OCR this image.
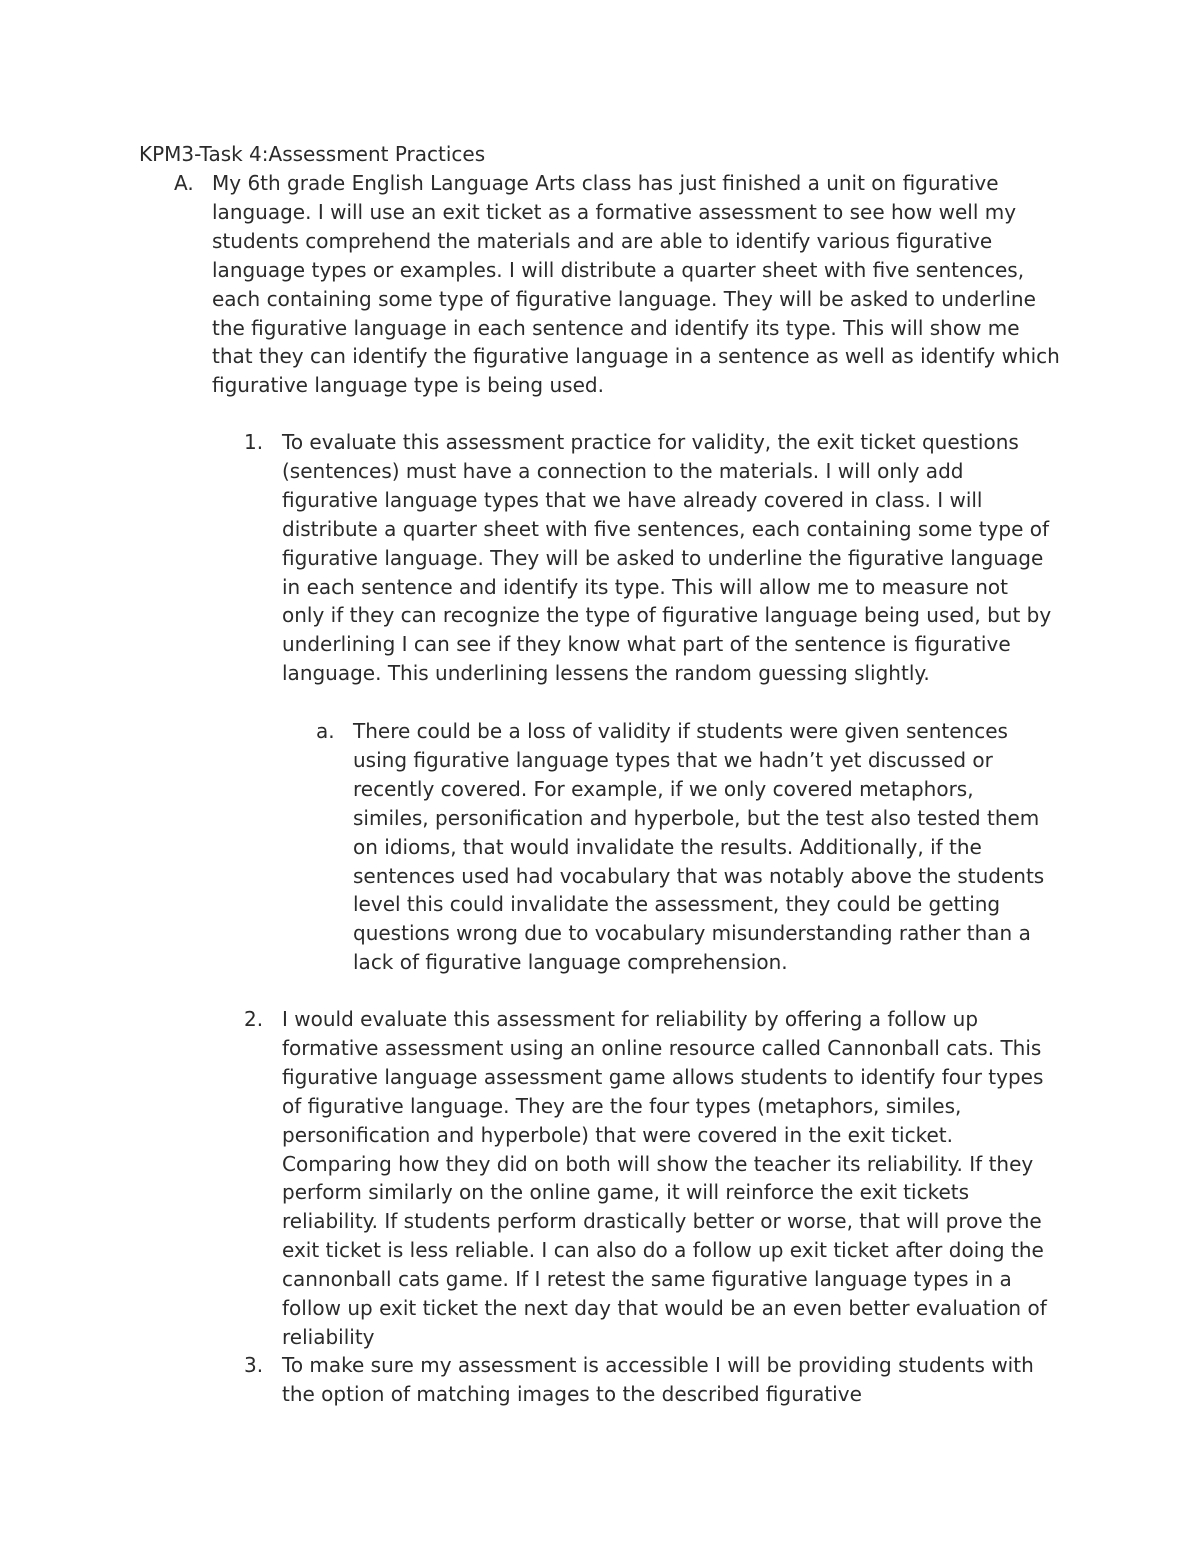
KPM3-Task 4:Assessment Practices
A. My 6th grade English Language Arts class has just finished a unit on figurative language. I will use an exit ticket as a formative assessment to see how well my students comprehend the materials and are able to identify various figurative language types or examples. I will distribute a quarter sheet with five sentences, each containing some type of figurative language. They will be asked to underline the figurative language in each sentence and identify its type. This will show me that they can identify the figurative language in a sentence as well as identify which figurative language type is being used.

1. To evaluate this assessment practice for validity, the exit ticket questions (sentences) must have a connection to the materials. I will only add figurative language types that we have already covered in class. I will distribute a quarter sheet with five sentences, each containing some type of figurative language. They will be asked to underline the figurative language in each sentence and identify its type. This will allow me to measure not only if they can recognize the type of figurative language being used, but by underlining I can see if they know what part of the sentence is figurative language. This underlining lessens the random guessing slightly.

a. There could be a loss of validity if students were given sentences using figurative language types that we hadn’t yet discussed or recently covered. For example, if we only covered metaphors, similes, personification and hyperbole, but the test also tested them on idioms, that would invalidate the results. Additionally, if the sentences used had vocabulary that was notably above the students level this could invalidate the assessment, they could be getting questions wrong due to vocabulary misunderstanding rather than a lack of figurative language comprehension.

2. I would evaluate this assessment for reliability by offering a follow up formative assessment using an online resource called Cannonball cats. This figurative language assessment game allows students to identify four types of figurative language. They are the four types (metaphors, similes, personification and hyperbole) that were covered in the exit ticket. Comparing how they did on both will show the teacher its reliability. If they perform similarly on the online game, it will reinforce the exit tickets reliability. If students perform drastically better or worse, that will prove the exit ticket is less reliable. I can also do a follow up exit ticket after doing the cannonball cats game. If I retest the same figurative language types in a follow up exit ticket the next day that would be an even better evaluation of reliability

3. To make sure my assessment is accessible I will be providing students with the option of matching images to the described figurative
